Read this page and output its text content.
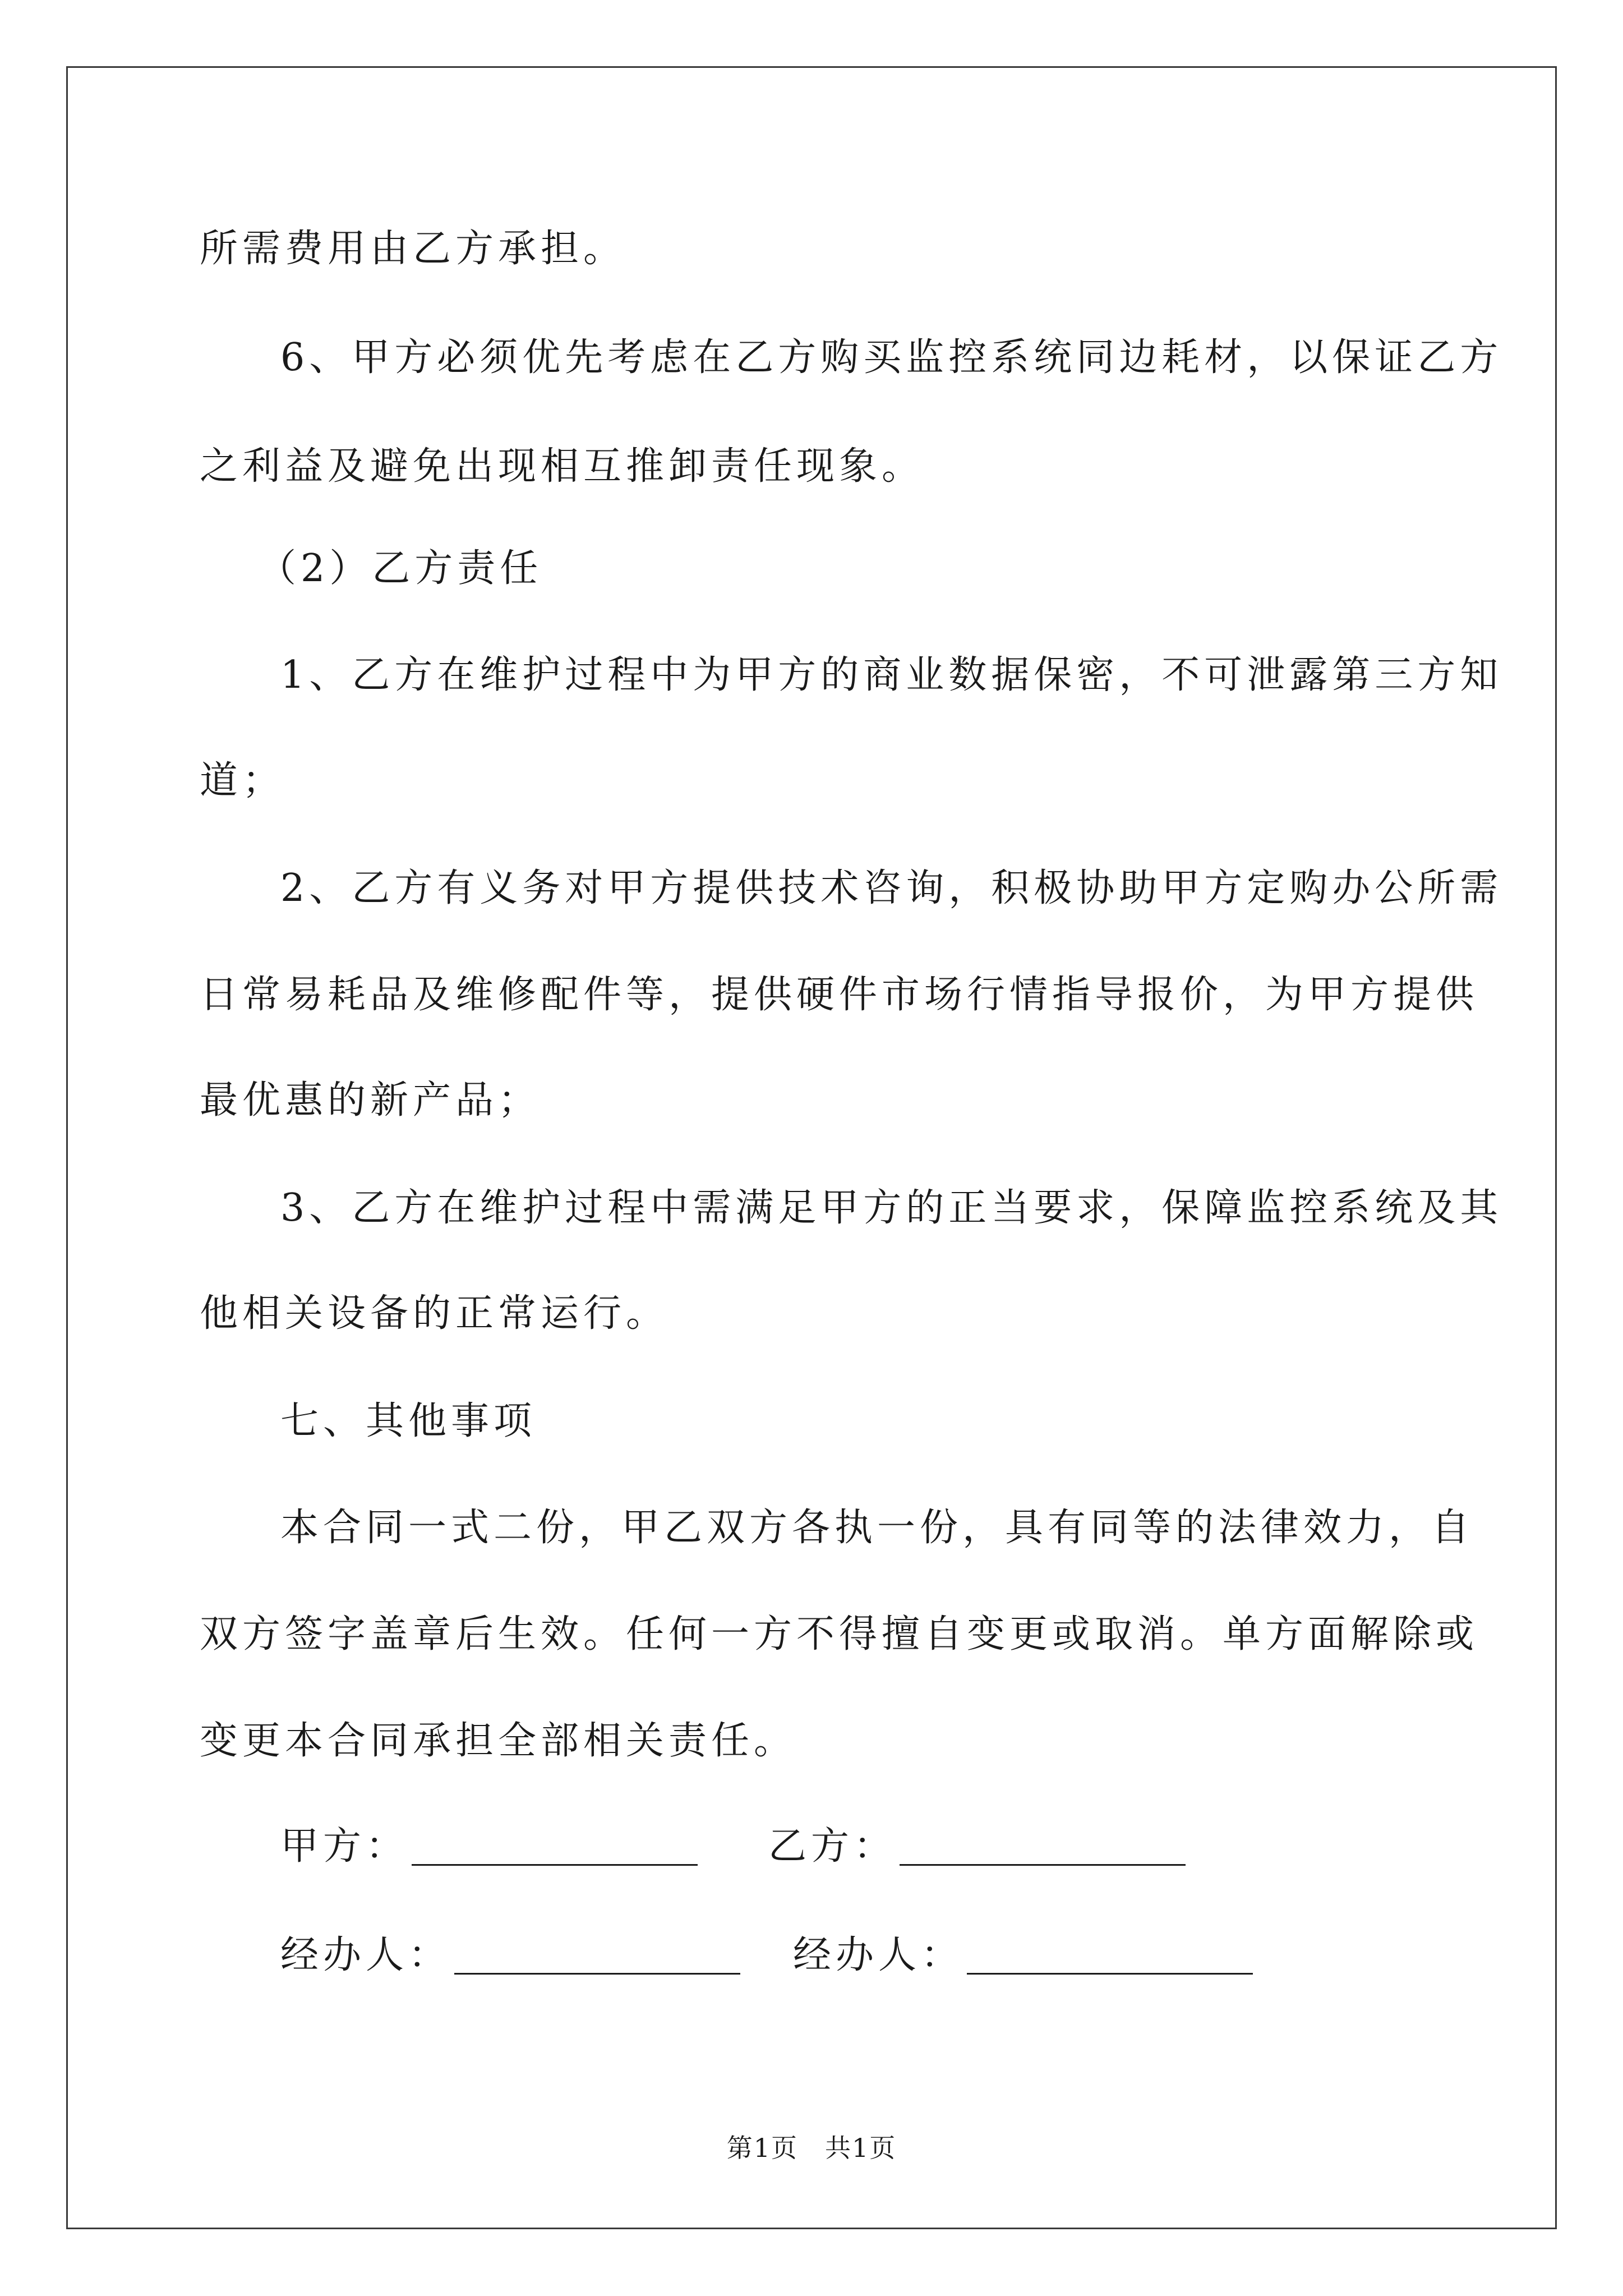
所需费用由乙方承担。
6、甲方必须优先考虑在乙方购买监控系统同边耗材，以保证乙方
之利益及避免出现相互推卸责任现象。
（2）乙方责任
1、乙方在维护过程中为甲方的商业数据保密，不可泄露第三方知
道；
2、乙方有义务对甲方提供技术咨询，积极协助甲方定购办公所需
日常易耗品及维修配件等，提供硬件市场行情指导报价，为甲方提供
最优惠的新产品；
3、乙方在维护过程中需满足甲方的正当要求，保障监控系统及其
他相关设备的正常运行。
七、其他事项
本合同一式二份，甲乙双方各执一份，具有同等的法律效力，自
双方签字盖章后生效。任何一方不得擅自变更或取消。单方面解除或
变更本合同承担全部相关责任。
甲方：	乙方：
经办人：	经办人：
第1页　共1页
